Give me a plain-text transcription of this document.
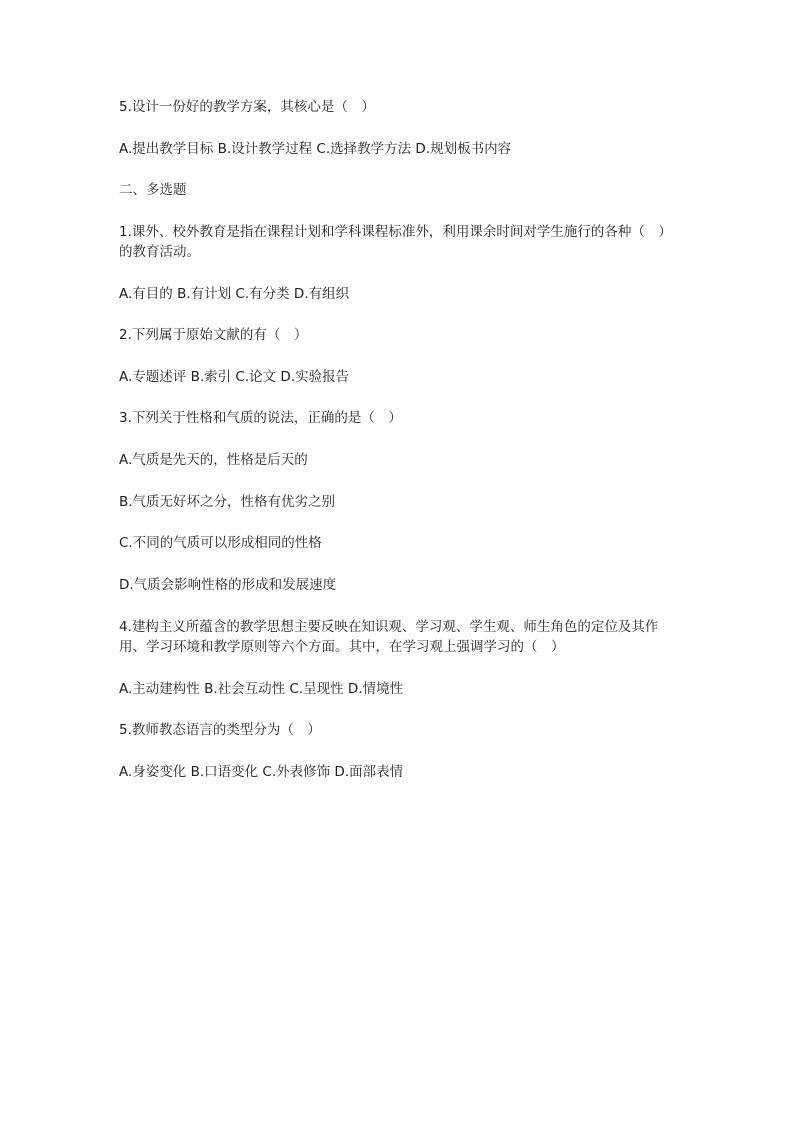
5.设计一份好的教学方案，其核心是（　）
A.提出教学目标 B.设计教学过程 C.选择教学方法 D.规划板书内容
二、多选题
1.课外、校外教育是指在课程计划和学科课程标准外，利用课余时间对学生施行的各种（　）的教育活动。
A.有目的 B.有计划 C.有分类 D.有组织
2.下列属于原始文献的有（　）
A.专题述评 B.索引 C.论文 D.实验报告
3.下列关于性格和气质的说法，正确的是（　）
A.气质是先天的，性格是后天的
B.气质无好坏之分，性格有优劣之别
C.不同的气质可以形成相同的性格
D.气质会影响性格的形成和发展速度
4.建构主义所蕴含的教学思想主要反映在知识观、学习观、学生观、师生角色的定位及其作用、学习环境和教学原则等六个方面。其中，在学习观上强调学习的（　）
A.主动建构性 B.社会互动性 C.呈现性 D.情境性
5.教师教态语言的类型分为（　）
A.身姿变化 B.口语变化 C.外表修饰 D.面部表情
